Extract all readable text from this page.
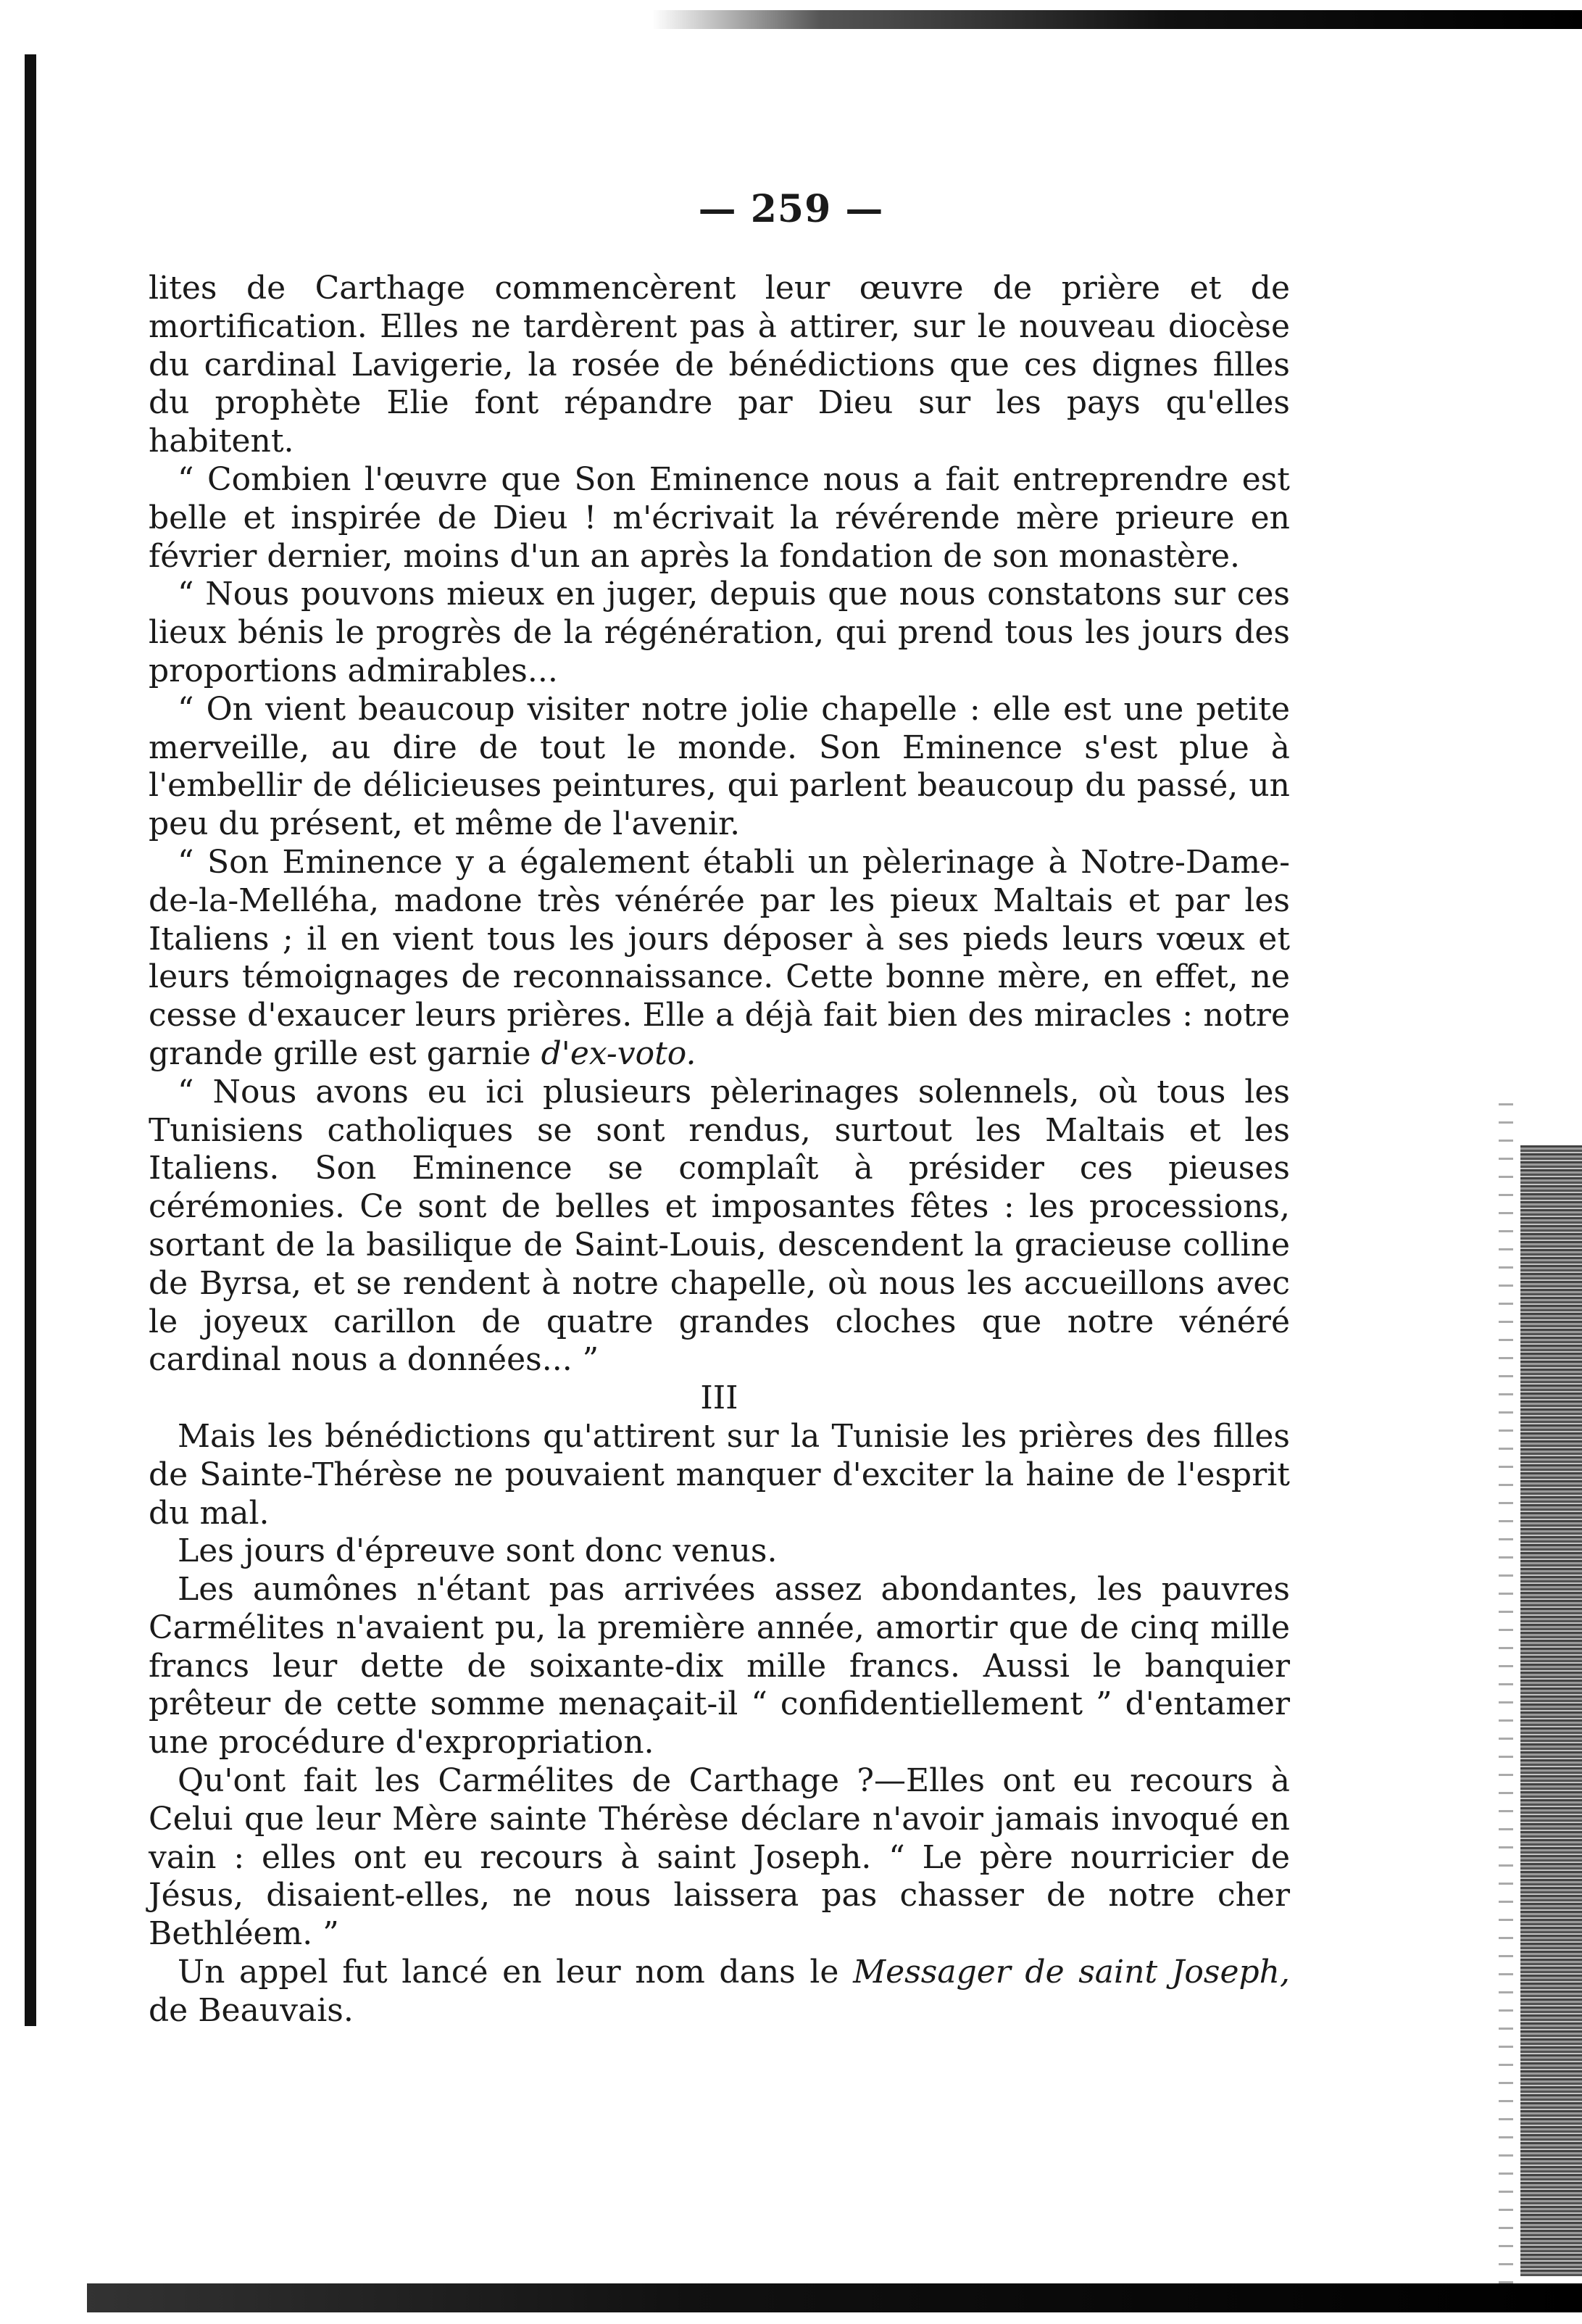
— 259 —

lites de Carthage commencèrent leur œuvre de prière et de mortification. Elles ne tardèrent pas à attirer, sur le nouveau diocèse du cardinal Lavigerie, la rosée de bénédictions que ces dignes filles du prophète Elie font répandre par Dieu sur les pays qu'elles habitent.

“ Combien l'œuvre que Son Eminence nous a fait entreprendre est belle et inspirée de Dieu ! m'écrivait la révérende mère prieure en février dernier, moins d'un an après la fondation de son monastère.

“ Nous pouvons mieux en juger, depuis que nous constatons sur ces lieux bénis le progrès de la régénération, qui prend tous les jours des proportions admirables...

“ On vient beaucoup visiter notre jolie chapelle : elle est une petite merveille, au dire de tout le monde. Son Eminence s'est plue à l'embellir de délicieuses peintures, qui parlent beaucoup du passé, un peu du présent, et même de l'avenir.

“ Son Eminence y a également établi un pèlerinage à Notre-Dame-de-la-Melléha, madone très vénérée par les pieux Maltais et par les Italiens ; il en vient tous les jours déposer à ses pieds leurs vœux et leurs témoignages de reconnaissance. Cette bonne mère, en effet, ne cesse d'exaucer leurs prières. Elle a déjà fait bien des miracles : notre grande grille est garnie d'ex-voto.

“ Nous avons eu ici plusieurs pèlerinages solennels, où tous les Tunisiens catholiques se sont rendus, surtout les Maltais et les Italiens. Son Eminence se complaît à présider ces pieuses cérémonies. Ce sont de belles et imposantes fêtes : les processions, sortant de la basilique de Saint-Louis, descendent la gracieuse colline de Byrsa, et se rendent à notre chapelle, où nous les accueillons avec le joyeux carillon de quatre grandes cloches que notre vénéré cardinal nous a données... ”

III

Mais les bénédictions qu'attirent sur la Tunisie les prières des filles de Sainte-Thérèse ne pouvaient manquer d'exciter la haine de l'esprit du mal.

Les jours d'épreuve sont donc venus.

Les aumônes n'étant pas arrivées assez abondantes, les pauvres Carmélites n'avaient pu, la première année, amortir que de cinq mille francs leur dette de soixante-dix mille francs. Aussi le banquier prêteur de cette somme menaçait-il “ confidentiellement ” d'entamer une procédure d'expropriation.

Qu'ont fait les Carmélites de Carthage ?—Elles ont eu recours à Celui que leur Mère sainte Thérèse déclare n'avoir jamais invoqué en vain : elles ont eu recours à saint Joseph. “ Le père nourricier de Jésus, disaient-elles, ne nous laissera pas chasser de notre cher Bethléem. ”

Un appel fut lancé en leur nom dans le Messager de saint Joseph, de Beauvais.
